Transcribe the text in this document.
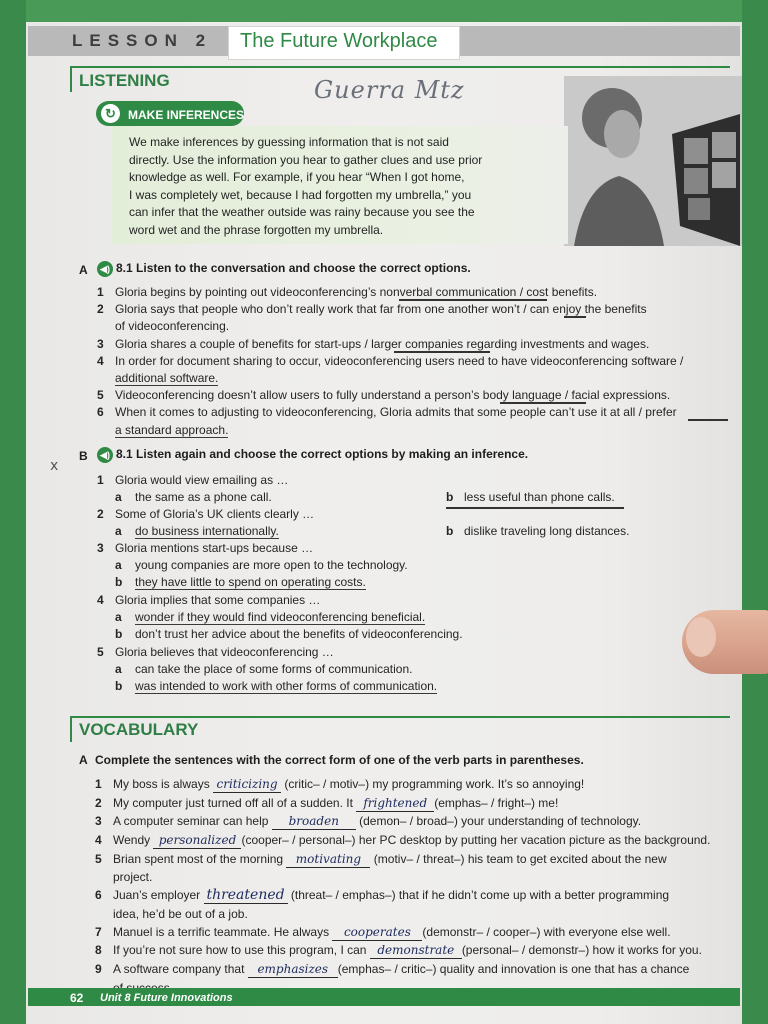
LESSON 2 The Future Workplace
LISTENING	Guerra Mtz
↻	MAKE INFERENCES
We make inferences by guessing information that is not said
directly. Use the information you hear to gather clues and use prior
knowledge as well. For example, if you hear “When I got home,
I was completely wet, because I had forgotten my umbrella,” you
can infer that the weather outside was rainy because you see the
word wet and the phrase forgotten my umbrella.
A	◀) 8.1 Listen to the conversation and choose the correct options.
1 Gloria begins by pointing out videoconferencing’s nonverbal communication / cost benefits.
2 Gloria says that people who don’t really work that far from one another won’t / can enjoy the benefits
of videoconferencing.
3 Gloria shares a couple of benefits for start-ups / larger companies regarding investments and wages.
4 In order for document sharing to occur, videoconferencing users need to have videoconferencing software /
additional software.
5 Videoconferencing doesn’t allow users to fully understand a person’s body language / facial expressions.
6 When it comes to adjusting to videoconferencing, Gloria admits that some people can’t use it at all / prefer
a standard approach.
x
B	◀) 8.1 Listen again and choose the correct options by making an inference.
1 Gloria would view emailing as …
a the same as a phone call.	b less useful than phone calls.
2 Some of Gloria’s UK clients clearly …
a do business internationally.	b dislike traveling long distances.
3 Gloria mentions start-ups because …
a young companies are more open to the technology.
b they have little to spend on operating costs.
4 Gloria implies that some companies …
a wonder if they would find videoconferencing beneficial.
b don’t trust her advice about the benefits of videoconferencing.
5 Gloria believes that videoconferencing …
a can take the place of some forms of communication.
b was intended to work with other forms of communication.
VOCABULARY
A Complete the sentences with the correct form of one of the verb parts in parentheses.
1 My boss is always criticizing (critic– / motiv–) my programming work. It’s so annoying!
2 My computer just turned off all of a sudden. It frightened (emphas– / fright–) me!
3 A computer seminar can help broaden (demon– / broad–) your understanding of technology.
4 Wendy personalized (cooper– / personal–) her PC desktop by putting her vacation picture as the background.
5 Brian spent most of the morning motivating (motiv– / threat–) his team to get excited about the new
project.
6 Juan’s employer threatened (threat– / emphas–) that if he didn’t come up with a better programming
idea, he’d be out of a job.
7 Manuel is a terrific teammate. He always cooperates (demonstr– / cooper–) with everyone else well.
8 If you’re not sure how to use this program, I can demonstrate (personal– / demonstr–) how it works for you.
9 A software company that emphasizes (emphas– / critic–) quality and innovation is one that has a chance
62 Unit 8 Future Innovations
